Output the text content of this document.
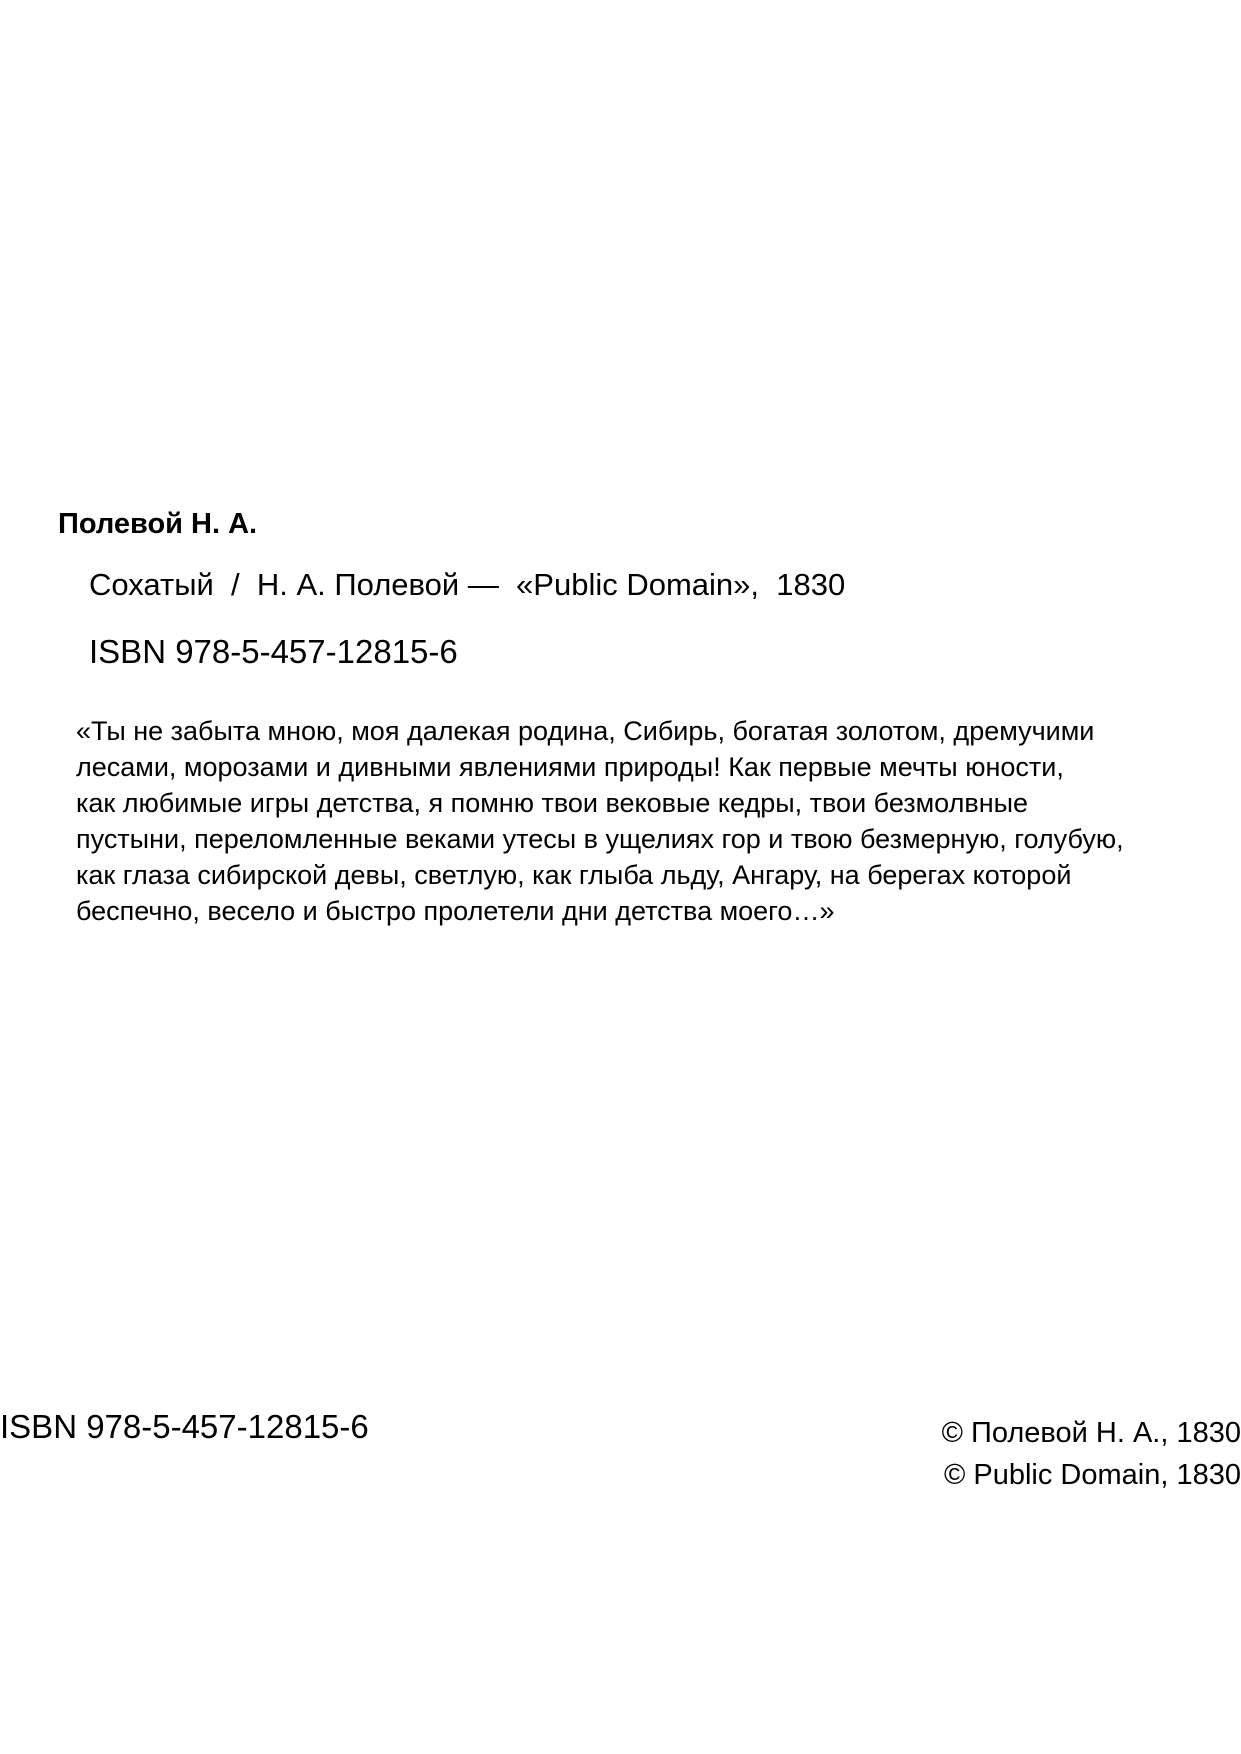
Полевой Н. А.
Сохатый  /  Н. А. Полевой —  «Public Domain»,  1830
ISBN 978-5-457-12815-6
«Ты не забыта мною, моя далекая родина, Сибирь, богатая золотом, дремучими
лесами, морозами и дивными явлениями природы! Как первые мечты юности,
как любимые игры детства, я помню твои вековые кедры, твои безмолвные
пустыни, переломленные веками утесы в ущелиях гор и твою безмерную, голубую,
как глаза сибирской девы, светлую, как глыба льду, Ангару, на берегах которой
беспечно, весело и быстро пролетели дни детства моего…»
ISBN 978-5-457-12815-6	© Полевой Н. А., 1830
© Public Domain, 1830
